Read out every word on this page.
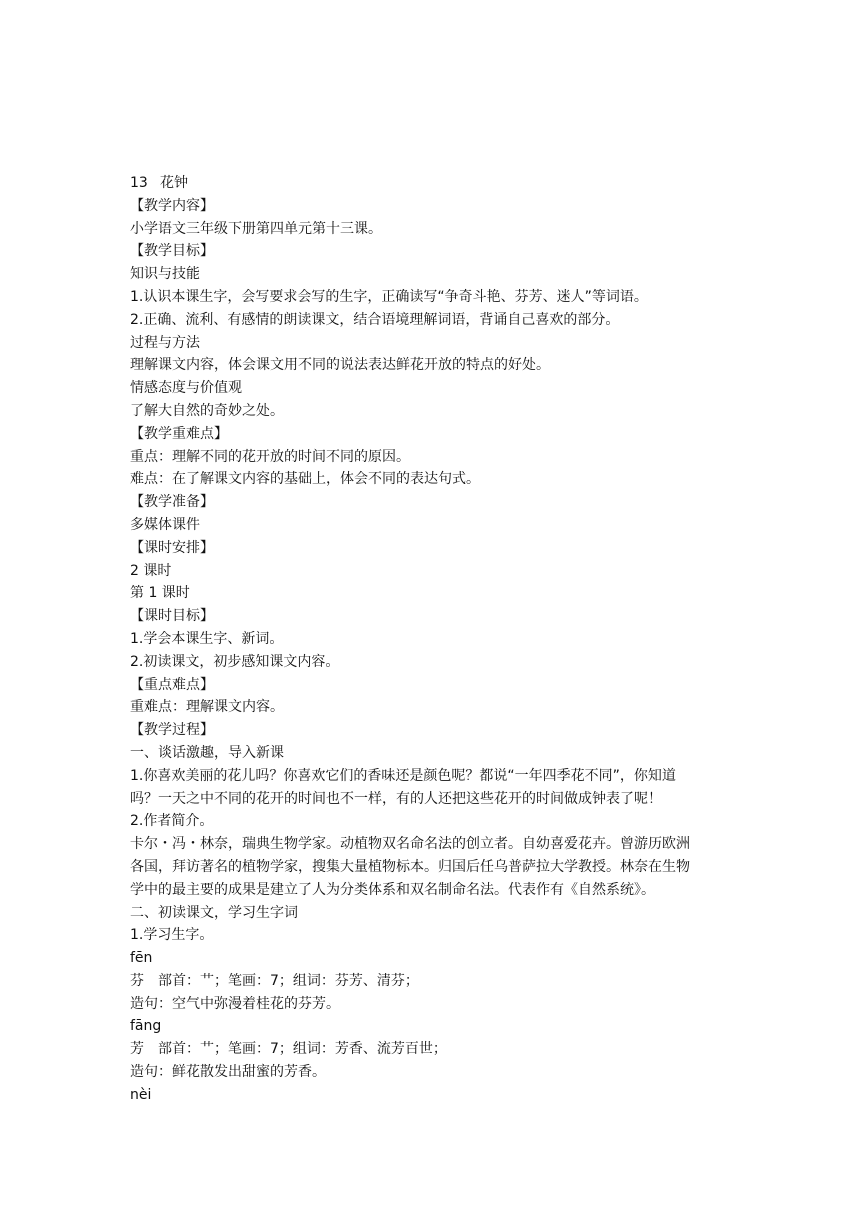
13 花钟
【教学内容】
小学语文三年级下册第四单元第十三课。
【教学目标】
知识与技能
1.认识本课生字，会写要求会写的生字，正确读写“争奇斗艳、芬芳、迷人”等词语。
2.正确、流利、有感情的朗读课文，结合语境理解词语，背诵自己喜欢的部分。
过程与方法
理解课文内容，体会课文用不同的说法表达鲜花开放的特点的好处。
情感态度与价值观
了解大自然的奇妙之处。
【教学重难点】
重点：理解不同的花开放的时间不同的原因。
难点：在了解课文内容的基础上，体会不同的表达句式。
【教学准备】
多媒体课件
【课时安排】
2 课时
第 1 课时
【课时目标】
1.学会本课生字、新词。
2.初读课文，初步感知课文内容。
【重点难点】
重难点：理解课文内容。
【教学过程】
一、谈话激趣，导入新课
1.你喜欢美丽的花儿吗？你喜欢它们的香味还是颜色呢？都说“一年四季花不同”，你知道
吗？一天之中不同的花开的时间也不一样，有的人还把这些花开的时间做成钟表了呢！
2.作者简介。
卡尔・冯・林奈，瑞典生物学家。动植物双名命名法的创立者。自幼喜爱花卉。曾游历欧洲
各国，拜访著名的植物学家，搜集大量植物标本。归国后任乌普萨拉大学教授。林奈在生物
学中的最主要的成果是建立了人为分类体系和双名制命名法。代表作有《自然系统》。
二、初读课文，学习生字词
1.学习生字。
fēn
芬　部首：艹；笔画：7；组词：芬芳、清芬；
造句：空气中弥漫着桂花的芬芳。
fāng
芳　部首：艹；笔画：7；组词：芳香、流芳百世；
造句：鲜花散发出甜蜜的芳香。
nèi
